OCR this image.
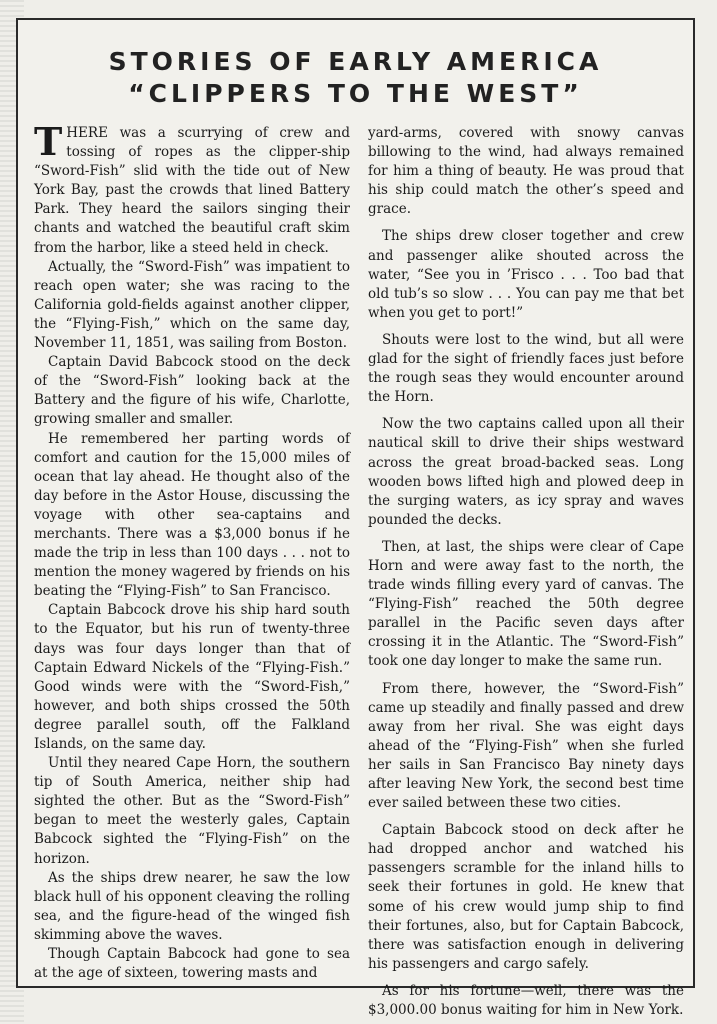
STORIES OF EARLY AMERICA
“CLIPPERS TO THE WEST”

THERE was a scurrying of crew and tossing of ropes as the clipper-ship “Sword-Fish” slid with the tide out of New York Bay, past the crowds that lined Battery Park. They heard the sailors singing their chants and watched the beautiful craft skim from the harbor, like a steed held in check.

Actually, the “Sword-Fish” was impatient to reach open water; she was racing to the California gold-fields against another clipper, the “Flying-Fish,” which on the same day, November 11, 1851, was sailing from Boston.

Captain David Babcock stood on the deck of the “Sword-Fish” looking back at the Battery and the figure of his wife, Charlotte, growing smaller and smaller.

He remembered her parting words of comfort and caution for the 15,000 miles of ocean that lay ahead. He thought also of the day before in the Astor House, discussing the voyage with other sea-captains and merchants. There was a $3,000 bonus if he made the trip in less than 100 days . . . not to mention the money wagered by friends on his beating the “Flying-Fish” to San Francisco.

Captain Babcock drove his ship hard south to the Equator, but his run of twenty-three days was four days longer than that of Captain Edward Nickels of the “Flying-Fish.” Good winds were with the “Sword-Fish,” however, and both ships crossed the 50th degree parallel south, off the Falkland Islands, on the same day.

Until they neared Cape Horn, the southern tip of South America, neither ship had sighted the other. But as the “Sword-Fish” began to meet the westerly gales, Captain Babcock sighted the “Flying-Fish” on the horizon.

As the ships drew nearer, he saw the low black hull of his opponent cleaving the rolling sea, and the figure-head of the winged fish skimming above the waves.

Though Captain Babcock had gone to sea at the age of sixteen, towering masts and

yard-arms, covered with snowy canvas billowing to the wind, had always remained for him a thing of beauty. He was proud that his ship could match the other’s speed and grace.

The ships drew closer together and crew and passenger alike shouted across the water, “See you in ’Frisco . . . Too bad that old tub’s so slow . . . You can pay me that bet when you get to port!”

Shouts were lost to the wind, but all were glad for the sight of friendly faces just before the rough seas they would encounter around the Horn.

Now the two captains called upon all their nautical skill to drive their ships westward across the great broad-backed seas. Long wooden bows lifted high and plowed deep in the surging waters, as icy spray and waves pounded the decks.

Then, at last, the ships were clear of Cape Horn and were away fast to the north, the trade winds filling every yard of canvas. The “Flying-Fish” reached the 50th degree parallel in the Pacific seven days after crossing it in the Atlantic. The “Sword-Fish” took one day longer to make the same run.

From there, however, the “Sword-Fish” came up steadily and finally passed and drew away from her rival. She was eight days ahead of the “Flying-Fish” when she furled her sails in San Francisco Bay ninety days after leaving New York, the second best time ever sailed between these two cities.

Captain Babcock stood on deck after he had dropped anchor and watched his passengers scramble for the inland hills to seek their fortunes in gold. He knew that some of his crew would jump ship to find their fortunes, also, but for Captain Babcock, there was satisfaction enough in delivering his passengers and cargo safely.

As for his fortune—well, there was the $3,000.00 bonus waiting for him in New York.
